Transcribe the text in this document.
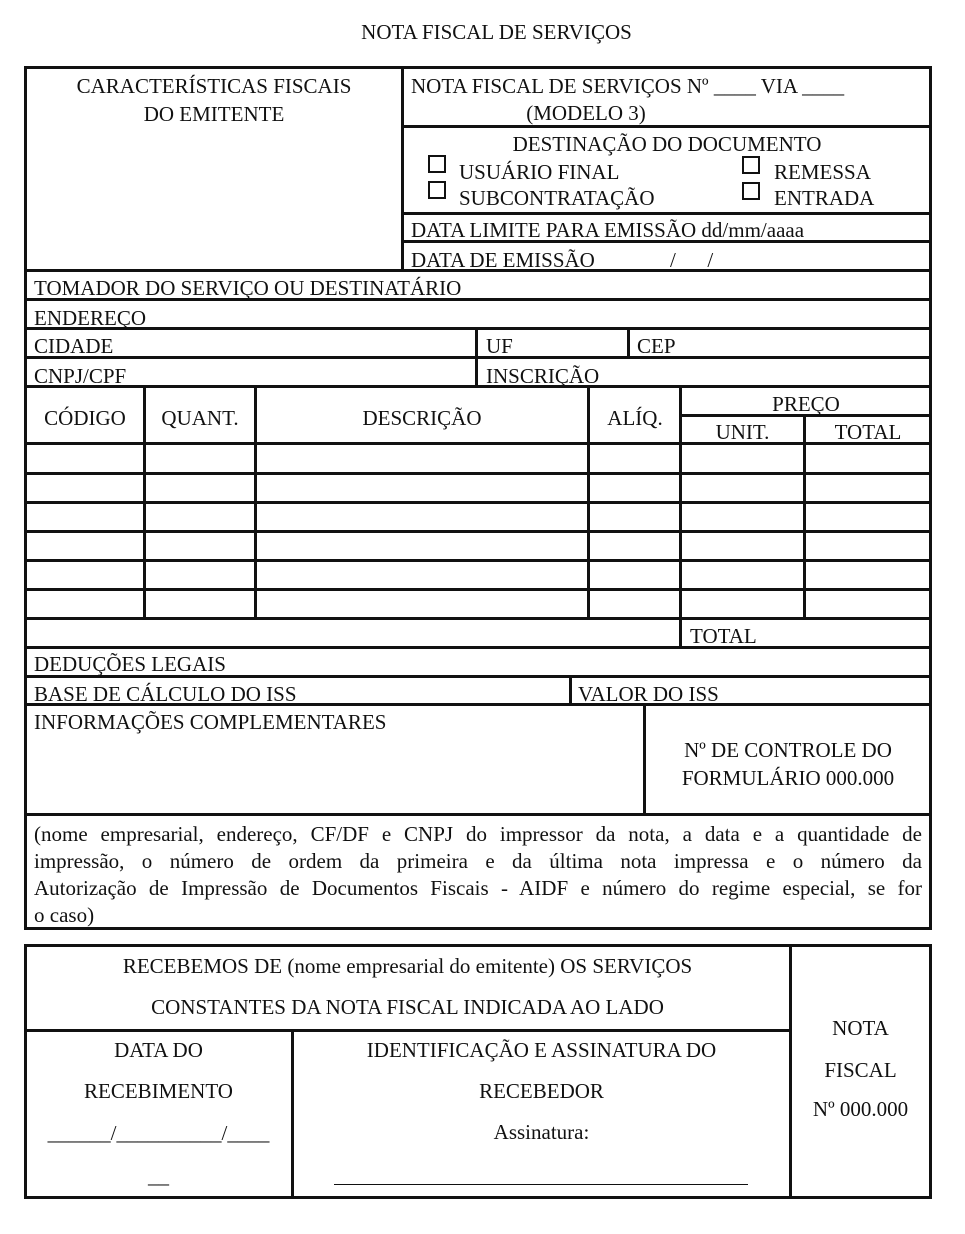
NOTA FISCAL DE SERVIÇOS
CARACTERÍSTICAS FISCAIS
DO EMITENTE
NOTA FISCAL DE SERVIÇOS Nº ____ VIA ____
(MODELO 3)
DESTINAÇÃO DO DOCUMENTO
USUÁRIO FINAL
SUBCONTRATAÇÃO
REMESSA
ENTRADA
DATA LIMITE PARA EMISSÃO dd/mm/aaaa
DATA DE EMISSÃO	/      /
TOMADOR DO SERVIÇO OU DESTINATÁRIO
ENDEREÇO
CIDADE	UF	CEP
CNPJ/CPF	INSCRIÇÃO
CÓDIGO	QUANT.	DESCRIÇÃO	ALÍQ.
PREÇO
UNIT.	TOTAL
TOTAL
DEDUÇÕES LEGAIS
BASE DE CÁLCULO DO ISS	VALOR DO ISS
INFORMAÇÕES COMPLEMENTARES
Nº DE CONTROLE DO
FORMULÁRIO 000.000
(nome empresarial, endereço, CF/DF e CNPJ do impressor da nota, a data e a quantidade de
impressão, o número de ordem da primeira e da última nota impressa e o número da
Autorização de Impressão de Documentos Fiscais - AIDF e número do regime especial, se for
o caso)
RECEBEMOS DE (nome empresarial do emitente) OS SERVIÇOS
CONSTANTES DA NOTA FISCAL INDICADA AO LADO
DATA DO
RECEBIMENTO
______/__________/____
__
IDENTIFICAÇÃO E ASSINATURA DO
RECEBEDOR
Assinatura:
NOTA
FISCAL
Nº 000.000
